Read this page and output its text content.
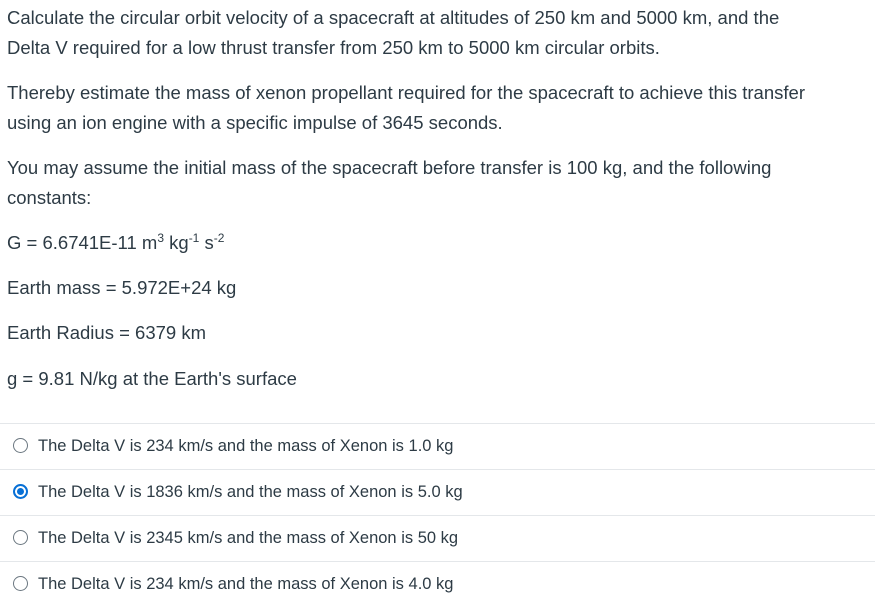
Calculate the circular orbit velocity of a spacecraft at altitudes of 250 km and 5000 km, and the
Delta V required for a low thrust transfer from 250 km to 5000 km circular orbits.

Thereby estimate the mass of xenon propellant required for the spacecraft to achieve this transfer
using an ion engine with a specific impulse of 3645 seconds.

You may assume the initial mass of the spacecraft before transfer is 100 kg, and the following
constants:

G = 6.6741E-11 $m^3$ $kg^{-1}$ $s^{-2}$

Earth mass = 5.972E+24 kg

Earth Radius = 6379 km

g = 9.81 N/kg at the Earth's surface

The Delta V is 234 km/s and the mass of Xenon is 1.0 kg
The Delta V is 1836 km/s and the mass of Xenon is 5.0 kg
The Delta V is 2345 km/s and the mass of Xenon is 50 kg
The Delta V is 234 km/s and the mass of Xenon is 4.0 kg
